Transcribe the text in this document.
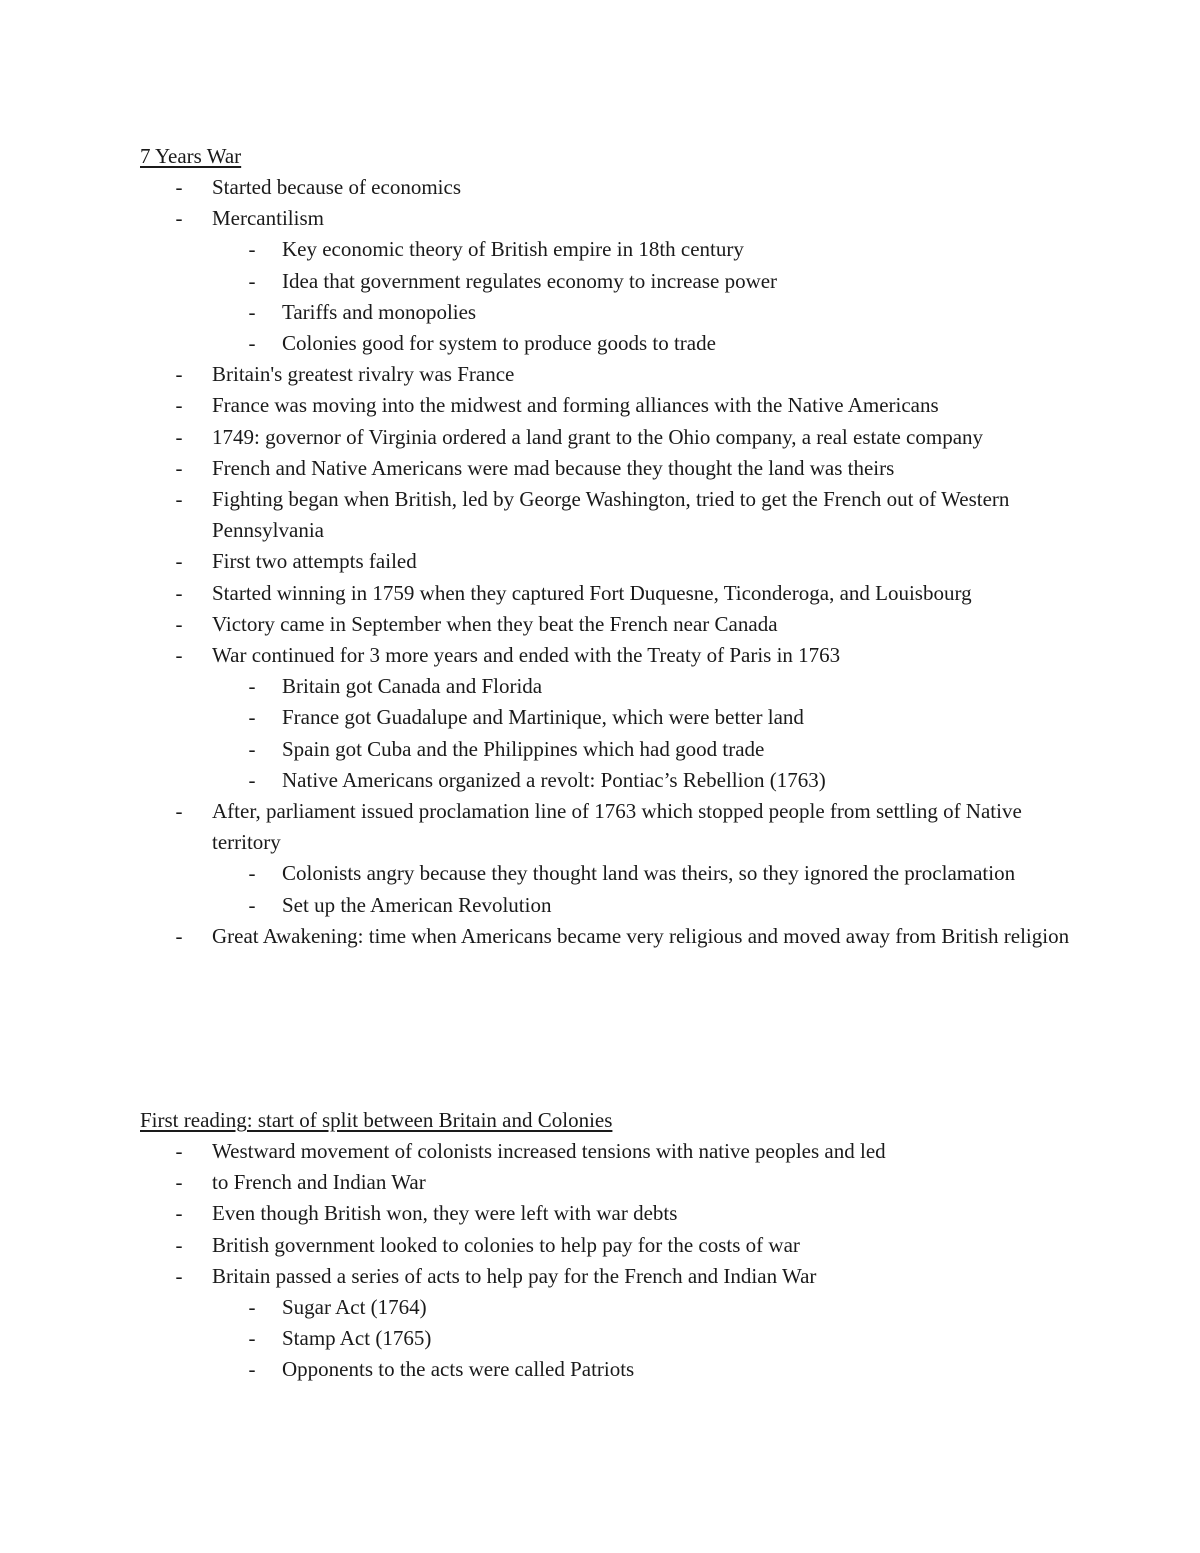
7 Years War
- Started because of economics
- Mercantilism
- Key economic theory of British empire in 18th century
- Idea that government regulates economy to increase power
- Tariffs and monopolies
- Colonies good for system to produce goods to trade
- Britain's greatest rivalry was France
- France was moving into the midwest and forming alliances with the Native Americans
- 1749: governor of Virginia ordered a land grant to the Ohio company, a real estate company
- French and Native Americans were mad because they thought the land was theirs
- Fighting began when British, led by George Washington, tried to get the French out of Western Pennsylvania
- First two attempts failed
- Started winning in 1759 when they captured Fort Duquesne, Ticonderoga, and Louisbourg
- Victory came in September when they beat the French near Canada
- War continued for 3 more years and ended with the Treaty of Paris in 1763
- Britain got Canada and Florida
- France got Guadalupe and Martinique, which were better land
- Spain got Cuba and the Philippines which had good trade
- Native Americans organized a revolt: Pontiac’s Rebellion (1763)
- After, parliament issued proclamation line of 1763 which stopped people from settling of Native territory
- Colonists angry because they thought land was theirs, so they ignored the proclamation
- Set up the American Revolution
- Great Awakening: time when Americans became very religious and moved away from British religion
First reading: start of split between Britain and Colonies
- Westward movement of colonists increased tensions with native peoples and led
- to French and Indian War
- Even though British won, they were left with war debts
- British government looked to colonies to help pay for the costs of war
- Britain passed a series of acts to help pay for the French and Indian War
- Sugar Act (1764)
- Stamp Act (1765)
- Opponents to the acts were called Patriots
